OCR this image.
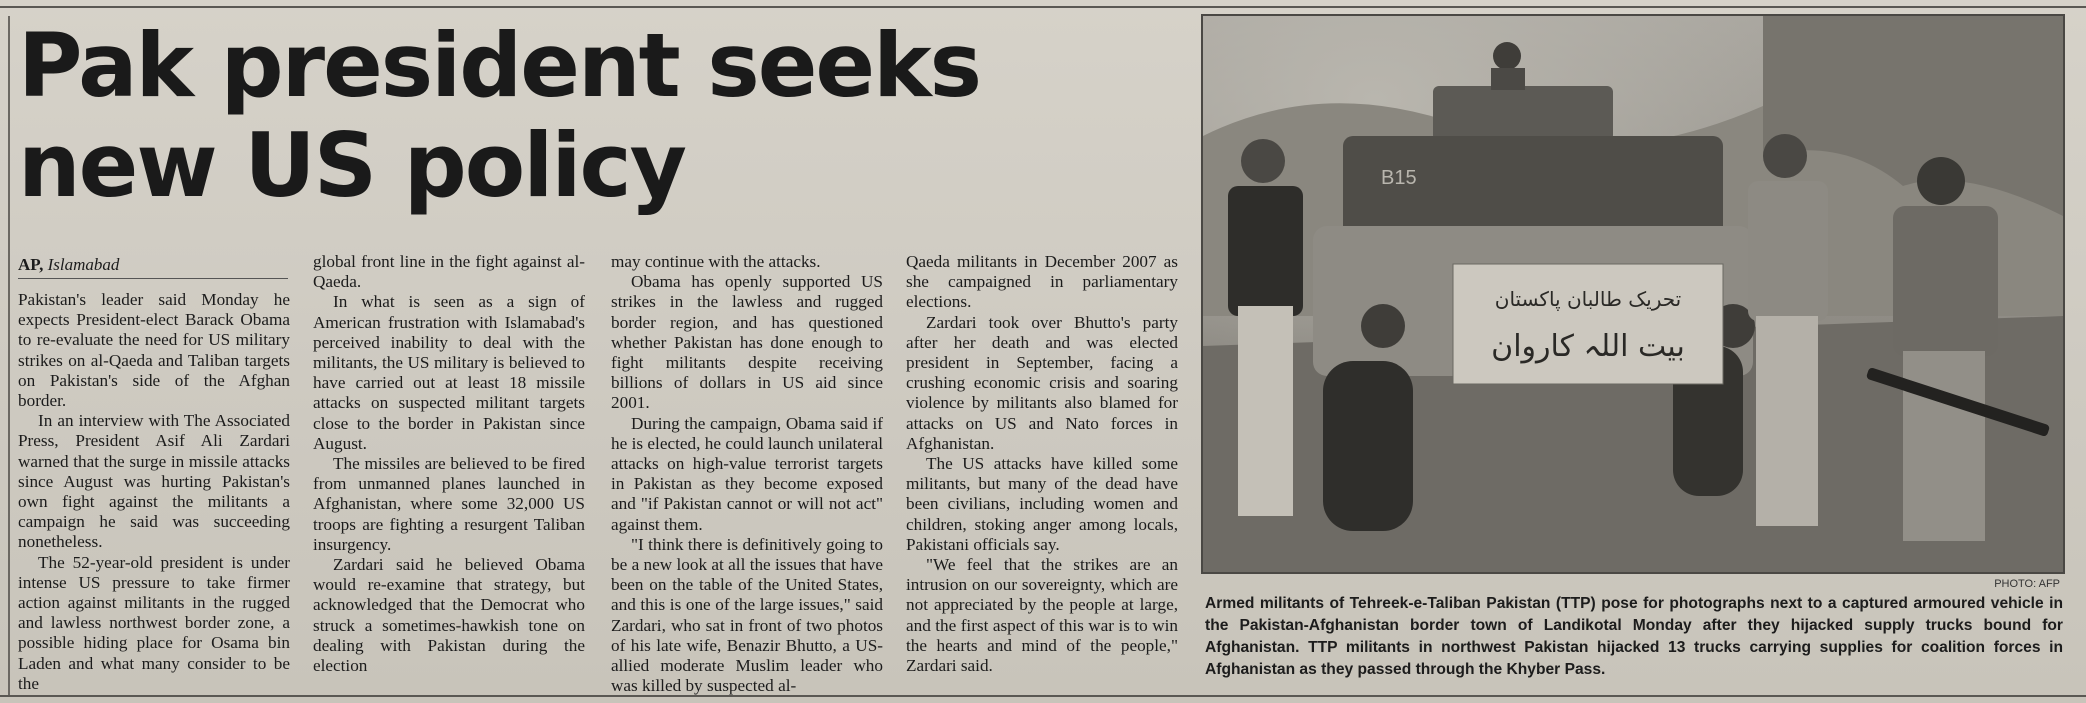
Pak president seeks new US policy
AP, Islamabad

Pakistan's leader said Monday he expects President-elect Barack Obama to re-evaluate the need for US military strikes on al-Qaeda and Taliban targets on Pakistan's side of the Afghan border.

In an interview with The Associated Press, President Asif Ali Zardari warned that the surge in missile attacks since August was hurting Pakistan's own fight against the militants a campaign he said was succeeding nonetheless.

The 52-year-old president is under intense US pressure to take firmer action against militants in the rugged and lawless northwest border zone, a possible hiding place for Osama bin Laden and what many consider to be the

global front line in the fight against al-Qaeda.

In what is seen as a sign of American frustration with Islamabad's perceived inability to deal with the militants, the US military is believed to have carried out at least 18 missile attacks on suspected militant targets close to the border in Pakistan since August.

The missiles are believed to be fired from unmanned planes launched in Afghanistan, where some 32,000 US troops are fighting a resurgent Taliban insurgency.

Zardari said he believed Obama would re-examine that strategy, but acknowledged that the Democrat who struck a sometimes-hawkish tone on dealing with Pakistan during the election

may continue with the attacks.

Obama has openly supported US strikes in the lawless and rugged border region, and has questioned whether Pakistan has done enough to fight militants despite receiving billions of dollars in US aid since 2001.

During the campaign, Obama said if he is elected, he could launch unilateral attacks on high-value terrorist targets in Pakistan as they become exposed and "if Pakistan cannot or will not act" against them.

"I think there is definitively going to be a new look at all the issues that have been on the table of the United States, and this is one of the large issues," said Zardari, who sat in front of two photos of his late wife, Benazir Bhutto, a US-allied moderate Muslim leader who was killed by suspected al-

Qaeda militants in December 2007 as she campaigned in parliamentary elections.

Zardari took over Bhutto's party after her death and was elected president in September, facing a crushing economic crisis and soaring violence by militants also blamed for attacks on US and Nato forces in Afghanistan.

The US attacks have killed some militants, but many of the dead have been civilians, including women and children, stoking anger among locals, Pakistani officials say.

"We feel that the strikes are an intrusion on our sovereignty, which are not appreciated by the people at large, and the first aspect of this war is to win the hearts and mind of the people," Zardari said.

B15
تحریک طالبان پاکستان
بیت اللہ کاروان
PHOTO: AFP
Armed militants of Tehreek-e-Taliban Pakistan (TTP) pose for photographs next to a captured armoured vehicle in the Pakistan-Afghanistan border town of Landikotal Monday after they hijacked supply trucks bound for Afghanistan. TTP militants in northwest Pakistan hijacked 13 trucks carrying supplies for coalition forces in Afghanistan as they passed through the Khyber Pass.
